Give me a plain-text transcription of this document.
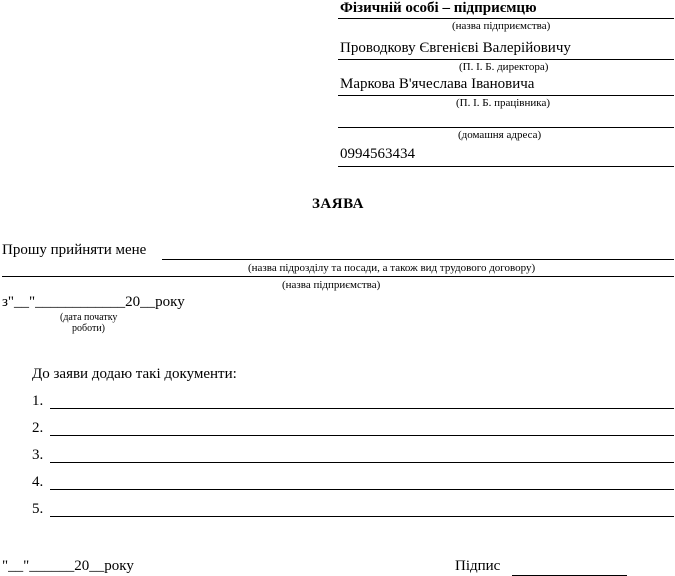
Фізичній особі – підприємцю
(назва підприємства)
Проводкову Євгенієві Валерійовичу
(П. І. Б. директора)
Маркова В'ячеслава Івановича
(П. І. Б. працівника)
(домашня адреса)
0994563434
ЗАЯВА
Прошу прийняти мене
(назва підрозділу та посади, а також вид трудового договору)
(назва підприємства)
з"__"____________20__року
(дата початку
роботи)
До заяви додаю такі документи:
1.
2.
3.
4.
5.
"__"______20__року	Підпис
